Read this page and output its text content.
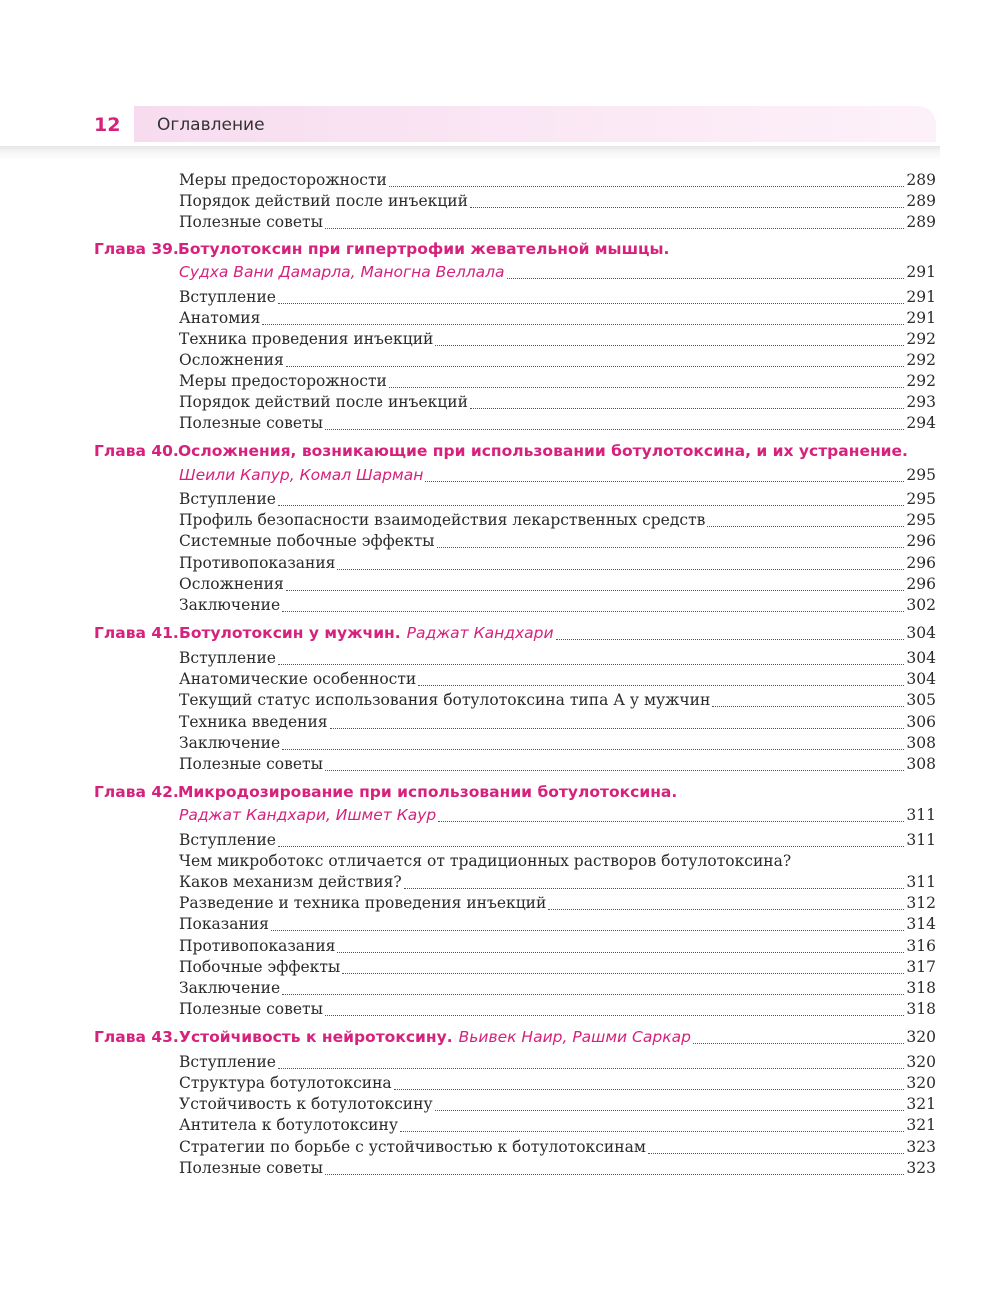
12 Оглавление
Меры предосторожности	289
Порядок действий после инъекций	289
Полезные советы	289
Глава 39.Ботулотоксин при гипертрофии жевательной мышцы.
Судха Вани Дамарла, Маногна Веллала	291
Вступление	291
Анатомия	291
Техника проведения инъекций	292
Осложнения	292
Меры предосторожности	292
Порядок действий после инъекций	293
Полезные советы	294
Глава 40.Осложнения, возникающие при использовании ботулотоксина, и их устранение.
Шеили Капур, Комал Шарман	295
Вступление	295
Профиль безопасности взаимодействия лекарственных средств	295
Системные побочные эффекты	296
Противопоказания	296
Осложнения	296
Заключение	302
Глава 41. Ботулотоксин у мужчин. Раджат Кандхари	304
Вступление	304
Анатомические особенности	304
Текущий статус использования ботулотоксина типа А у мужчин	305
Техника введения	306
Заключение	308
Полезные советы	308
Глава 42.Микродозирование при использовании ботулотоксина.
Раджат Кандхари, Ишмет Каур	311
Вступление	311
Чем микроботокс отличается от традиционных растворов ботулотоксина?
Каков механизм действия?	311
Разведение и техника проведения инъекций	312
Показания	314
Противопоказания	316
Побочные эффекты	317
Заключение	318
Полезные советы	318
Глава 43. Устойчивость к нейротоксину. Вьивек Наир, Рашми Саркар	320
Вступление	320
Структура ботулотоксина	320
Устойчивость к ботулотоксину	321
Антитела к ботулотоксину	321
Стратегии по борьбе с устойчивостью к ботулотоксинам	323
Полезные советы	323
